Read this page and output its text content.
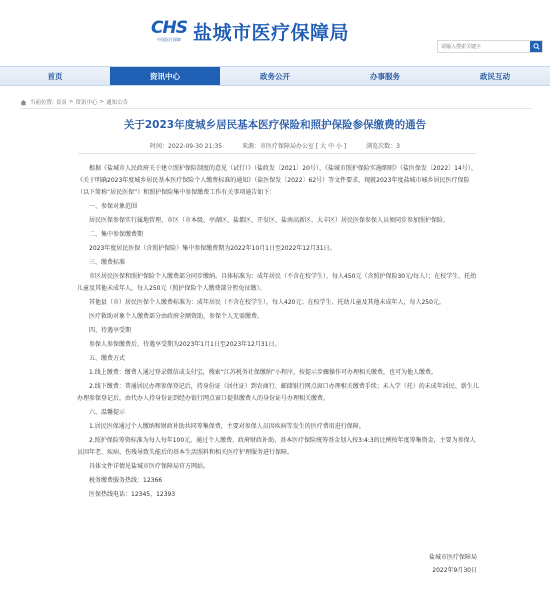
CHS
中国医疗保障 盐城市医疗保障局
请输入搜索关键字
首页	资讯中心	政务公开	办事服务	政民互动
当前位置: 首页 > 资讯中心 > 通知公告
关于2023年度城乡居民基本医疗保险和照护保险参保缴费的通告
时间：2022-09-30 21:35	来源：市医疗保障局办公室 [ 大 中 小 ]	浏览次数：3

根据《盐城市人民政府关于建立照护保险制度的意见（试行）》（盐政发〔2021〕20号）、《盐城市照护保险实施细则》（盐医保发〔2022〕14号）、《关于明确2023年度城乡居民基本医疗保险个人缴费标准的通知》（盐医保发〔2022〕62号）等文件要求，现就2023年度盐城市城乡居民医疗保险（以下简称“居民医保”）和照护保险集中参保缴费工作有关事项通告如下：

一、参保对象范围

居民医保参保实行属地管理，市区（市本级、亭湖区、盐都区、开发区、盐南高新区、大丰区）居民医保参保人员须同步参加照护保险。

二、集中参保缴费期

2023年度居民医保（含照护保险）集中参保缴费期为2022年10月1日至2022年12月31日。

三、缴费标准

市区居民医保和照护保险个人缴费部分同步缴纳。具体标准为：成年居民（不含在校学生），每人450元（含照护保险30元/每人）；在校学生、托幼儿童及其他未成年人，每人250元（照护保险个人缴费部分暂免征缴）。

其他县（市）居民医保个人缴费标准为：成年居民（不含在校学生），每人420元；在校学生、托幼儿童及其他未成年人，每人250元。

医疗救助对象个人缴费部分由政府全额资助，参保个人无需缴费。

四、待遇享受期

参保人参保缴费后，待遇享受期为2023年1月1日至2023年12月31日。

五、缴费方式

1.线上缴费：缴费人通过登录微信或支付宝，搜索“江苏税务社保缴纳”小程序，按提示步骤操作可办理相关缴费，也可为他人缴费。

2.线下缴费：普通居民办理参保登记后，持身份证（居住证）到农商行、邮储银行网点窗口办理相关缴费手续；未入学（托）的未成年居民、新生儿办理参保登记后，由代办人持身份证到经办银行网点窗口提供缴费人的身份证号办理相关缴费。

六、温馨提示

1.居民医保通过个人缴纳和财政补助共同筹集保费，主要对参保人员因疾病等发生的医疗费用进行保障。

2.照护保险筹资标准为每人每年100元，通过个人缴费、政府财政补助、基本医疗保险统筹基金划入按3:4:3的比例按年度筹集资金，主要为参保人员因年老、疾病、伤残导致失能后的基本生活照料和相关医疗护理服务进行保障。

具体文件详情见盐城市医疗保障局官方网站。

税务缴费服务热线：12366

医保热线电话：12345、12393

盐城市医疗保障局
2022年9月30日
